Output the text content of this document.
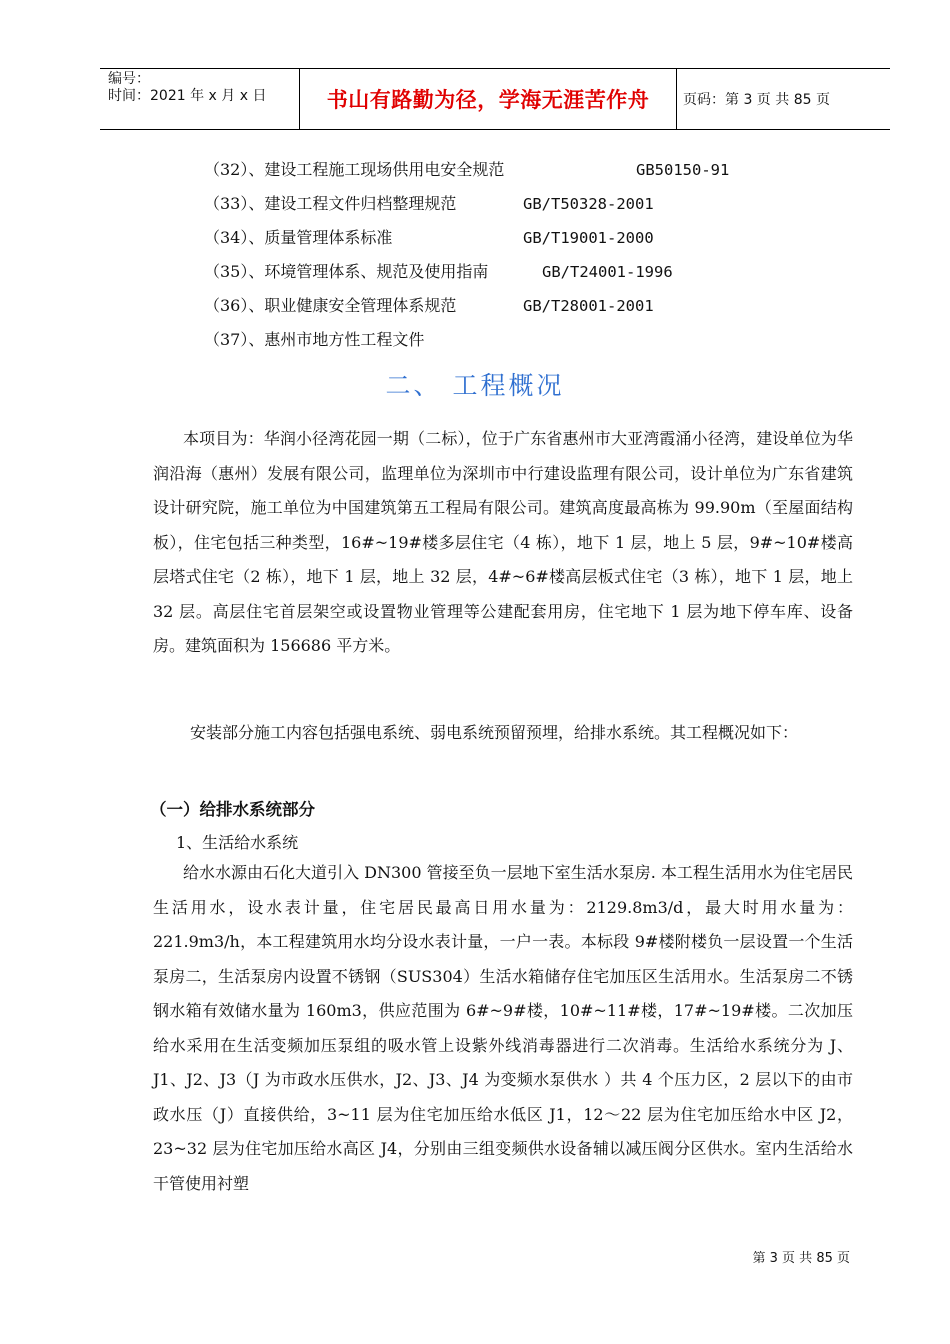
编号：
时间：2021 年 x 月 x 日	书山有路勤为径，学海无涯苦作舟	页码：第 3 页 共 85 页
（32）、建设工程施工现场供用电安全规范	GB50150-91
（33）、建设工程文件归档整理规范	GB/T50328-2001
（34）、质量管理体系标准	GB/T19001-2000
（35）、环境管理体系、规范及使用指南	GB/T24001-1996
（36）、职业健康安全管理体系规范	GB/T28001-2001
（37）、惠州市地方性工程文件
二、 工程概况

本项目为：华润小径湾花园一期（二标），位于广东省惠州市大亚湾霞涌小径湾，建设单位为华润沿海（惠州）发展有限公司，监理单位为深圳市中行建设监理有限公司，设计单位为广东省建筑设计研究院，施工单位为中国建筑第五工程局有限公司。建筑高度最高栋为 99.90m（至屋面结构板），住宅包括三种类型，16#~19#楼多层住宅（4 栋），地下 1 层，地上 5 层，9#~10#楼高层塔式住宅（2 栋），地下 1 层，地上 32 层，4#~6#楼高层板式住宅（3 栋），地下 1 层，地上 32 层。高层住宅首层架空或设置物业管理等公建配套用房，住宅地下 1 层为地下停车库、设备房。建筑面积为 156686 平方米。

安装部分施工内容包括强电系统、弱电系统预留预埋，给排水系统。其工程概况如下：

（一）给排水系统部分
1、生活给水系统

给水水源由石化大道引入 DN300 管接至负一层地下室生活水泵房. 本工程生活用水为住宅居民生活用水，设水表计量，住宅居民最高日用水量为：2129.8m3/d，最大时用水量为：221.9m3/h，本工程建筑用水均分设水表计量，一户一表。本标段 9#楼附楼负一层设置一个生活泵房二，生活泵房内设置不锈钢（SUS304）生活水箱储存住宅加压区生活用水。生活泵房二不锈钢水箱有效储水量为 160m3，供应范围为 6#~9#楼，10#~11#楼，17#~19#楼。二次加压给水采用在生活变频加压泵组的吸水管上设紫外线消毒器进行二次消毒。生活给水系统分为 J、J1、J2、J3（J 为市政水压供水，J2、J3、J4 为变频水泵供水 ）共 4 个压力区，2 层以下的由市政水压（J）直接供给，3~11 层为住宅加压给水低区 J1，12～22 层为住宅加压给水中区 J2，23~32 层为住宅加压给水高区 J4，分别由三组变频供水设备辅以减压阀分区供水。室内生活给水干管使用衬塑

第 3 页 共 85 页
